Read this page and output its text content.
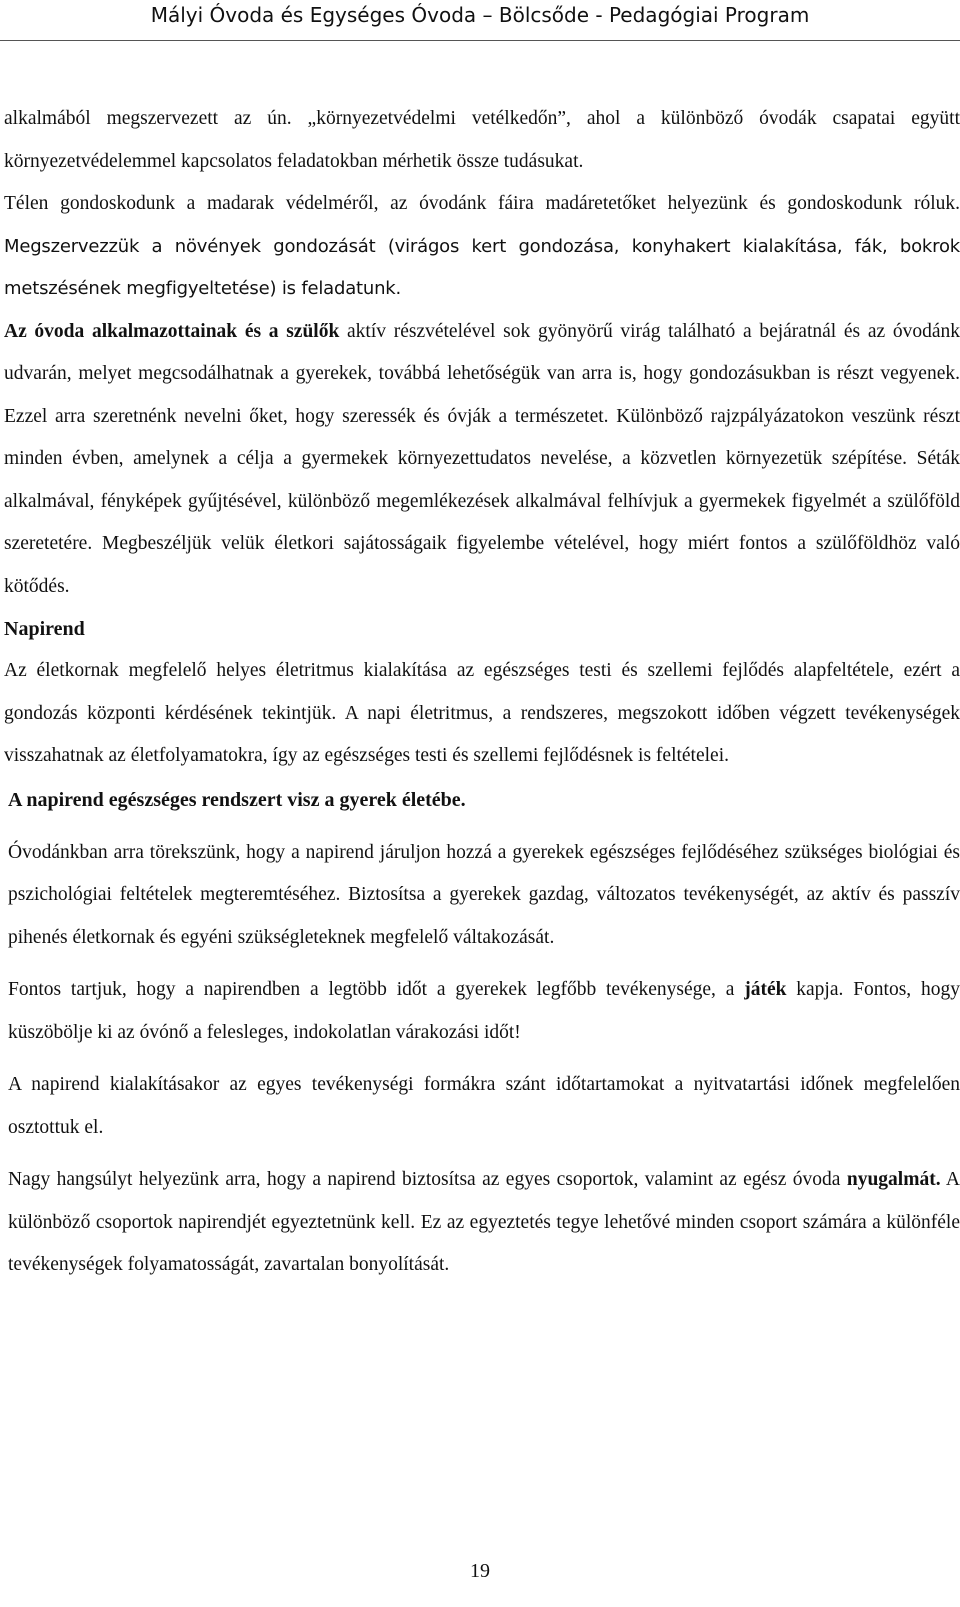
Mályi Óvoda és Egységes Óvoda – Bölcsőde - Pedagógiai Program

alkalmából megszervezett az ún. „környezetvédelmi vetélkedőn”, ahol a különböző óvodák csapatai együtt környezetvédelemmel kapcsolatos feladatokban mérhetik össze tudásukat.

Télen gondoskodunk a madarak védelméről, az óvodánk fáira madáretetőket helyezünk és gondoskodunk róluk. Megszervezzük a növények gondozását (virágos kert gondozása, konyhakert kialakítása, fák, bokrok metszésének megfigyeltetése) is feladatunk.

Az óvoda alkalmazottainak és a szülők aktív részvételével sok gyönyörű virág található a bejáratnál és az óvodánk udvarán, melyet megcsodálhatnak a gyerekek, továbbá lehetőségük van arra is, hogy gondozásukban is részt vegyenek. Ezzel arra szeretnénk nevelni őket, hogy szeressék és óvják a természetet. Különböző rajzpályázatokon veszünk részt minden évben, amelynek a célja a gyermekek környezettudatos nevelése, a közvetlen környezetük szépítése. Séták alkalmával, fényképek gyűjtésével, különböző megemlékezések alkalmával felhívjuk a gyermekek figyelmét a szülőföld szeretetére. Megbeszéljük velük életkori sajátosságaik figyelembe vételével, hogy miért fontos a szülőföldhöz való kötődés.

Napirend

Az életkornak megfelelő helyes életritmus kialakítása az egészséges testi és szellemi fejlődés alapfeltétele, ezért a gondozás központi kérdésének tekintjük. A napi életritmus, a rendszeres, megszokott időben végzett tevékenységek visszahatnak az életfolyamatokra, így az egészséges testi és szellemi fejlődésnek is feltételei.

A napirend egészséges rendszert visz a gyerek életébe.

Óvodánkban arra törekszünk, hogy a napirend járuljon hozzá a gyerekek egészséges fejlődéséhez szükséges biológiai és pszichológiai feltételek megteremtéséhez. Biztosítsa a gyerekek gazdag, változatos tevékenységét, az aktív és passzív pihenés életkornak és egyéni szükségleteknek megfelelő váltakozását.

Fontos tartjuk, hogy a napirendben a legtöbb időt a gyerekek legfőbb tevékenysége, a játék kapja. Fontos, hogy küszöbölje ki az óvónő a felesleges, indokolatlan várakozási időt!

A napirend kialakításakor az egyes tevékenységi formákra szánt időtartamokat a nyitvatartási időnek megfelelően osztottuk el.

Nagy hangsúlyt helyezünk arra, hogy a napirend biztosítsa az egyes csoportok, valamint az egész óvoda nyugalmát. A különböző csoportok napirendjét egyeztetnünk kell. Ez az egyeztetés tegye lehetővé minden csoport számára a különféle tevékenységek folyamatosságát, zavartalan bonyolítását.

19
